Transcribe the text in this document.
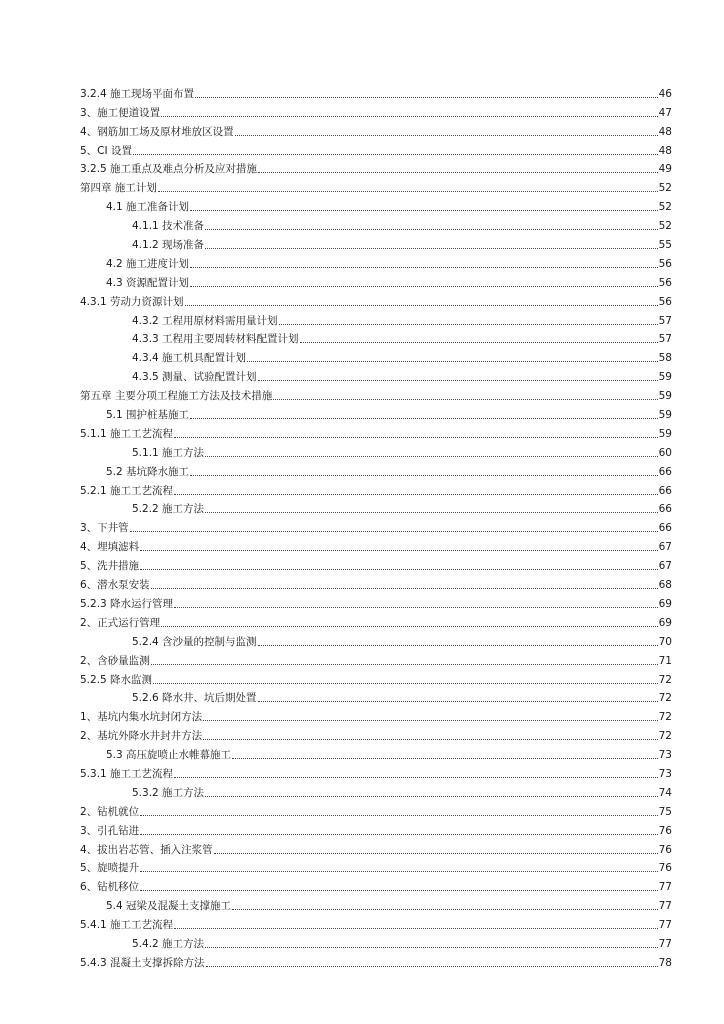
3.2.4 施工现场平面布置	46
3、施工便道设置	47
4、钢筋加工场及原材堆放区设置	48
5、CI 设置	48
3.2.5 施工重点及难点分析及应对措施	49
第四章 施工计划	52
4.1 施工准备计划	52
4.1.1 技术准备	52
4.1.2 现场准备	55
4.2 施工进度计划	56
4.3 资源配置计划	56
4.3.1 劳动力资源计划	56
4.3.2 工程用原材料需用量计划	57
4.3.3 工程用主要周转材料配置计划	57
4.3.4 施工机具配置计划	58
4.3.5 测量、试验配置计划	59
第五章 主要分项工程施工方法及技术措施	59
5.1 围护桩基施工	59
5.1.1 施工工艺流程	59
5.1.1 施工方法	60
5.2 基坑降水施工	66
5.2.1 施工工艺流程	66
5.2.2 施工方法	66
3、下井管	66
4、埋填滤料	67
5、洗井措施	67
6、潜水泵安装	68
5.2.3 降水运行管理	69
2、正式运行管理	69
5.2.4 含沙量的控制与监测	70
2、含砂量监测	71
5.2.5 降水监测	72
5.2.6 降水井、坑后期处置	72
1、基坑内集水坑封闭方法	72
2、基坑外降水井封井方法	72
5.3 高压旋喷止水帷幕施工	73
5.3.1 施工工艺流程	73
5.3.2 施工方法	74
2、钻机就位	75
3、引孔钻进	76
4、拔出岩芯管、插入注浆管	76
5、旋喷提升	76
6、钻机移位	77
5.4 冠梁及混凝土支撑施工	77
5.4.1 施工工艺流程	77
5.4.2 施工方法	77
5.4.3 混凝土支撑拆除方法	78
